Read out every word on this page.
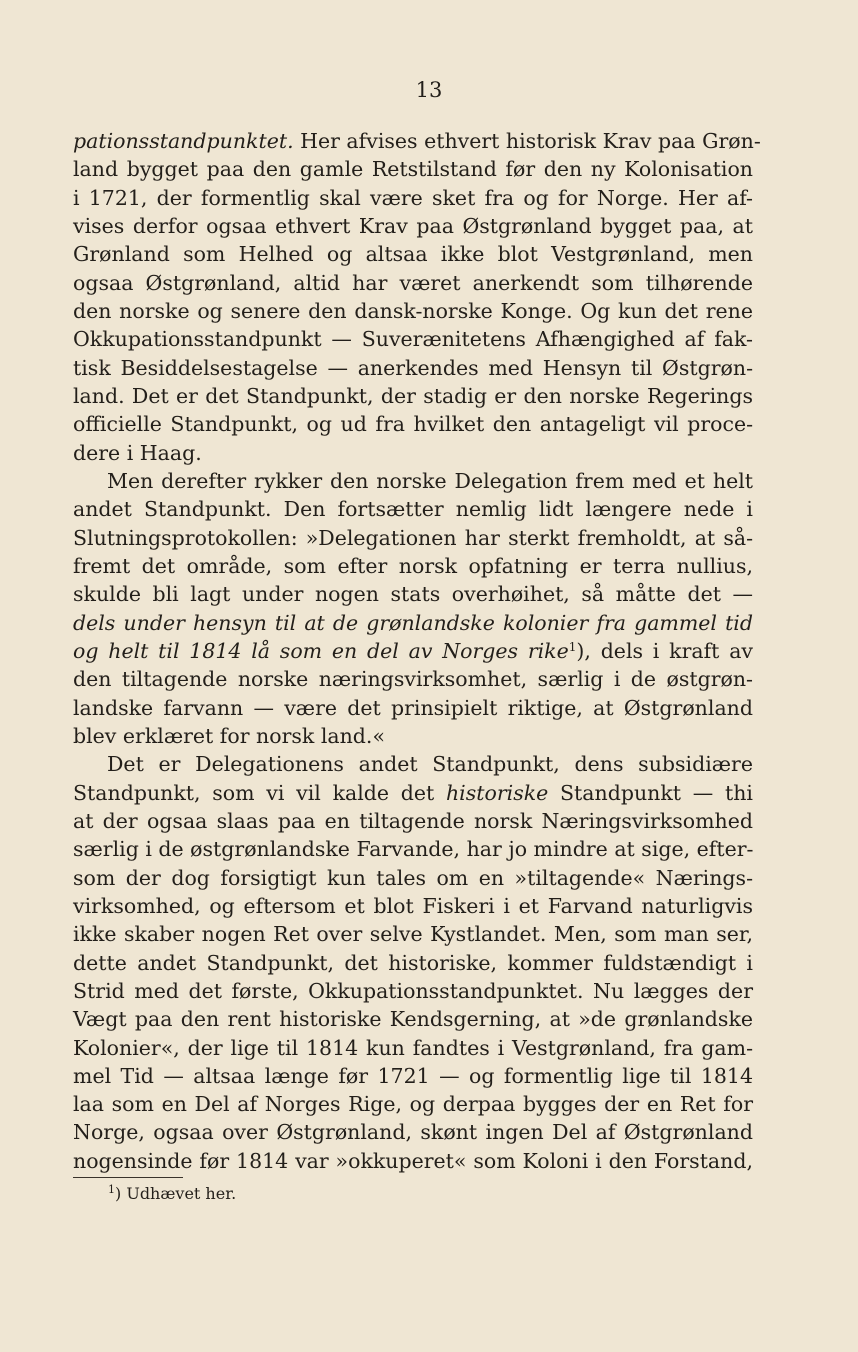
13
pationsstandpunktet. Her afvises ethvert historisk Krav paa Grøn-
land bygget paa den gamle Retstilstand før den ny Kolonisation
i 1721, der formentlig skal være sket fra og for Norge. Her af-
vises derfor ogsaa ethvert Krav paa Østgrønland bygget paa, at
Grønland som Helhed og altsaa ikke blot Vestgrønland, men
ogsaa Østgrønland, altid har været anerkendt som tilhørende
den norske og senere den dansk-norske Konge. Og kun det rene
Okkupationsstandpunkt — Suverænitetens Afhængighed af fak-
tisk Besiddelsestagelse — anerkendes med Hensyn til Østgrøn-
land. Det er det Standpunkt, der stadig er den norske Regerings
officielle Standpunkt, og ud fra hvilket den antageligt vil proce-
dere i Haag.
Men derefter rykker den norske Delegation frem med et helt
andet Standpunkt. Den fortsætter nemlig lidt længere nede i
Slutningsprotokollen: »Delegationen har sterkt fremholdt, at så-
fremt det område, som efter norsk opfatning er terra nullius,
skulde bli lagt under nogen stats overhøihet, så måtte det —
dels under hensyn til at de grønlandske kolonier fra gammel tid
og helt til 1814 lå som en del av Norges rike$^1$), dels i kraft av
den tiltagende norske næringsvirksomhet, særlig i de østgrøn-
landske farvann — være det prinsipielt riktige, at Østgrønland
blev erklæret for norsk land.«
Det er Delegationens andet Standpunkt, dens subsidiære
Standpunkt, som vi vil kalde det historiske Standpunkt — thi
at der ogsaa slaas paa en tiltagende norsk Næringsvirksomhed
særlig i de østgrønlandske Farvande, har jo mindre at sige, efter-
som der dog forsigtigt kun tales om en »tiltagende« Nærings-
virksomhed, og eftersom et blot Fiskeri i et Farvand naturligvis
ikke skaber nogen Ret over selve Kystlandet. Men, som man ser,
dette andet Standpunkt, det historiske, kommer fuldstændigt i
Strid med det første, Okkupationsstandpunktet. Nu lægges der
Vægt paa den rent historiske Kendsgerning, at »de grønlandske
Kolonier«, der lige til 1814 kun fandtes i Vestgrønland, fra gam-
mel Tid — altsaa længe før 1721 — og formentlig lige til 1814
laa som en Del af Norges Rige, og derpaa bygges der en Ret for
Norge, ogsaa over Østgrønland, skønt ingen Del af Østgrønland
nogensinde før 1814 var »okkuperet« som Koloni i den Forstand,
$^1$) Udhævet her.
